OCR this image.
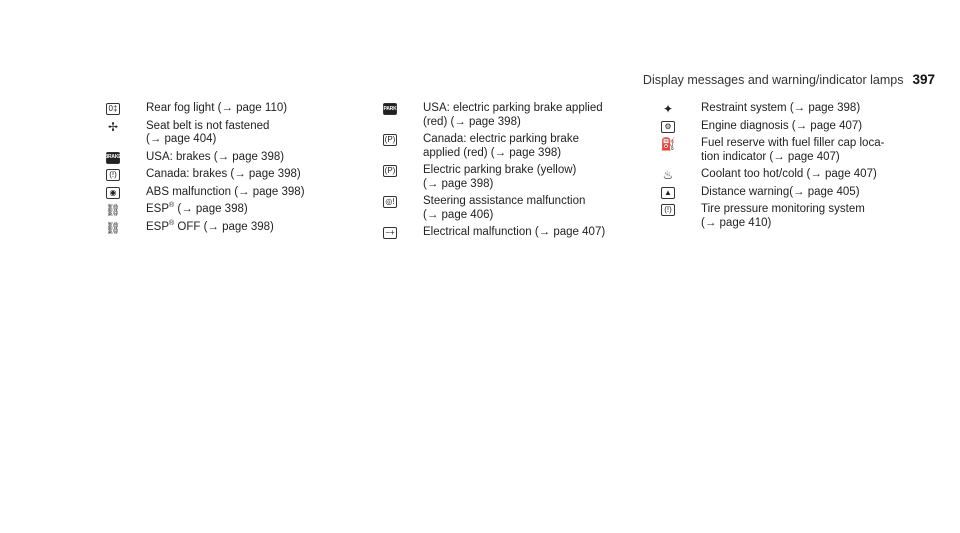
Display messages and warning/indicator lamps 397
0‡ Rear fog light (→ page 110)
✢ Seat belt is not fastened
(→ page 404)
BRAKE USA: brakes (→ page 398)
(!)	Canada: brakes (→ page 398)
◉	ABS malfunction (→ page 398)
⛓ ESP® (→ page 398)
⛓ ESP® OFF (→ page 398)
PARK USA: electric parking brake applied
(red) (→ page 398)
(P) Canada: electric parking brake
applied (red) (→ page 398)
(P) Electric parking brake (yellow)
(→ page 398)
◎! Steering assistance malfunction
(→ page 406)
−+ Electrical malfunction (→ page 407)
✦ Restraint system (→ page 398)
⚙	Engine diagnosis (→ page 407)
⛽ Fuel reserve with fuel filler cap loca-
tion indicator (→ page 407)
♨ Coolant too hot/cold (→ page 407)
▲	Distance warning(→ page 405)
(!)	Tire pressure monitoring system
(→ page 410)
